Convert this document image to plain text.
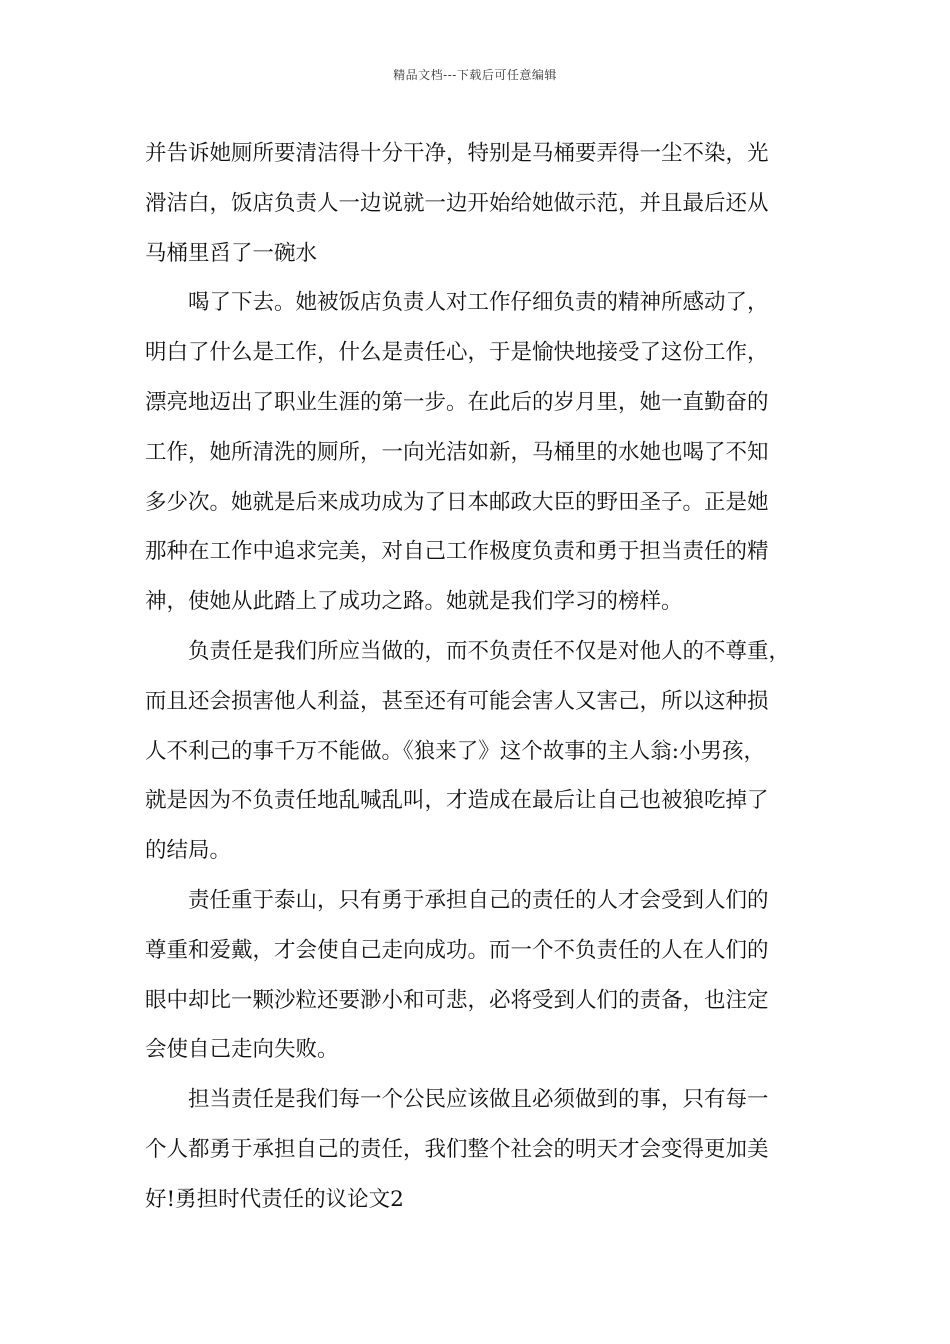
精品文档---下载后可任意编辑

并告诉她厕所要清洁得十分干净，特别是马桶要弄得一尘不染，光
滑洁白，饭店负责人一边说就一边开始给她做示范，并且最后还从
马桶里舀了一碗水

　　喝了下去。她被饭店负责人对工作仔细负责的精神所感动了，
明白了什么是工作，什么是责任心，于是愉快地接受了这份工作，
漂亮地迈出了职业生涯的第一步。在此后的岁月里，她一直勤奋的
工作，她所清洗的厕所，一向光洁如新，马桶里的水她也喝了不知
多少次。她就是后来成功成为了日本邮政大臣的野田圣子。正是她
那种在工作中追求完美，对自己工作极度负责和勇于担当责任的精
神，使她从此踏上了成功之路。她就是我们学习的榜样。

　　负责任是我们所应当做的，而不负责任不仅是对他人的不尊重，
而且还会损害他人利益，甚至还有可能会害人又害己，所以这种损
人不利己的事千万不能做。《狼来了》这个故事的主人翁:小男孩，
就是因为不负责任地乱喊乱叫，才造成在最后让自己也被狼吃掉了
的结局。

　　责任重于泰山，只有勇于承担自己的责任的人才会受到人们的
尊重和爱戴，才会使自己走向成功。而一个不负责任的人在人们的
眼中却比一颗沙粒还要渺小和可悲，必将受到人们的责备，也注定
会使自己走向失败。

　　担当责任是我们每一个公民应该做且必须做到的事，只有每一
个人都勇于承担自己的责任，我们整个社会的明天才会变得更加美
好!勇担时代责任的议论文2
